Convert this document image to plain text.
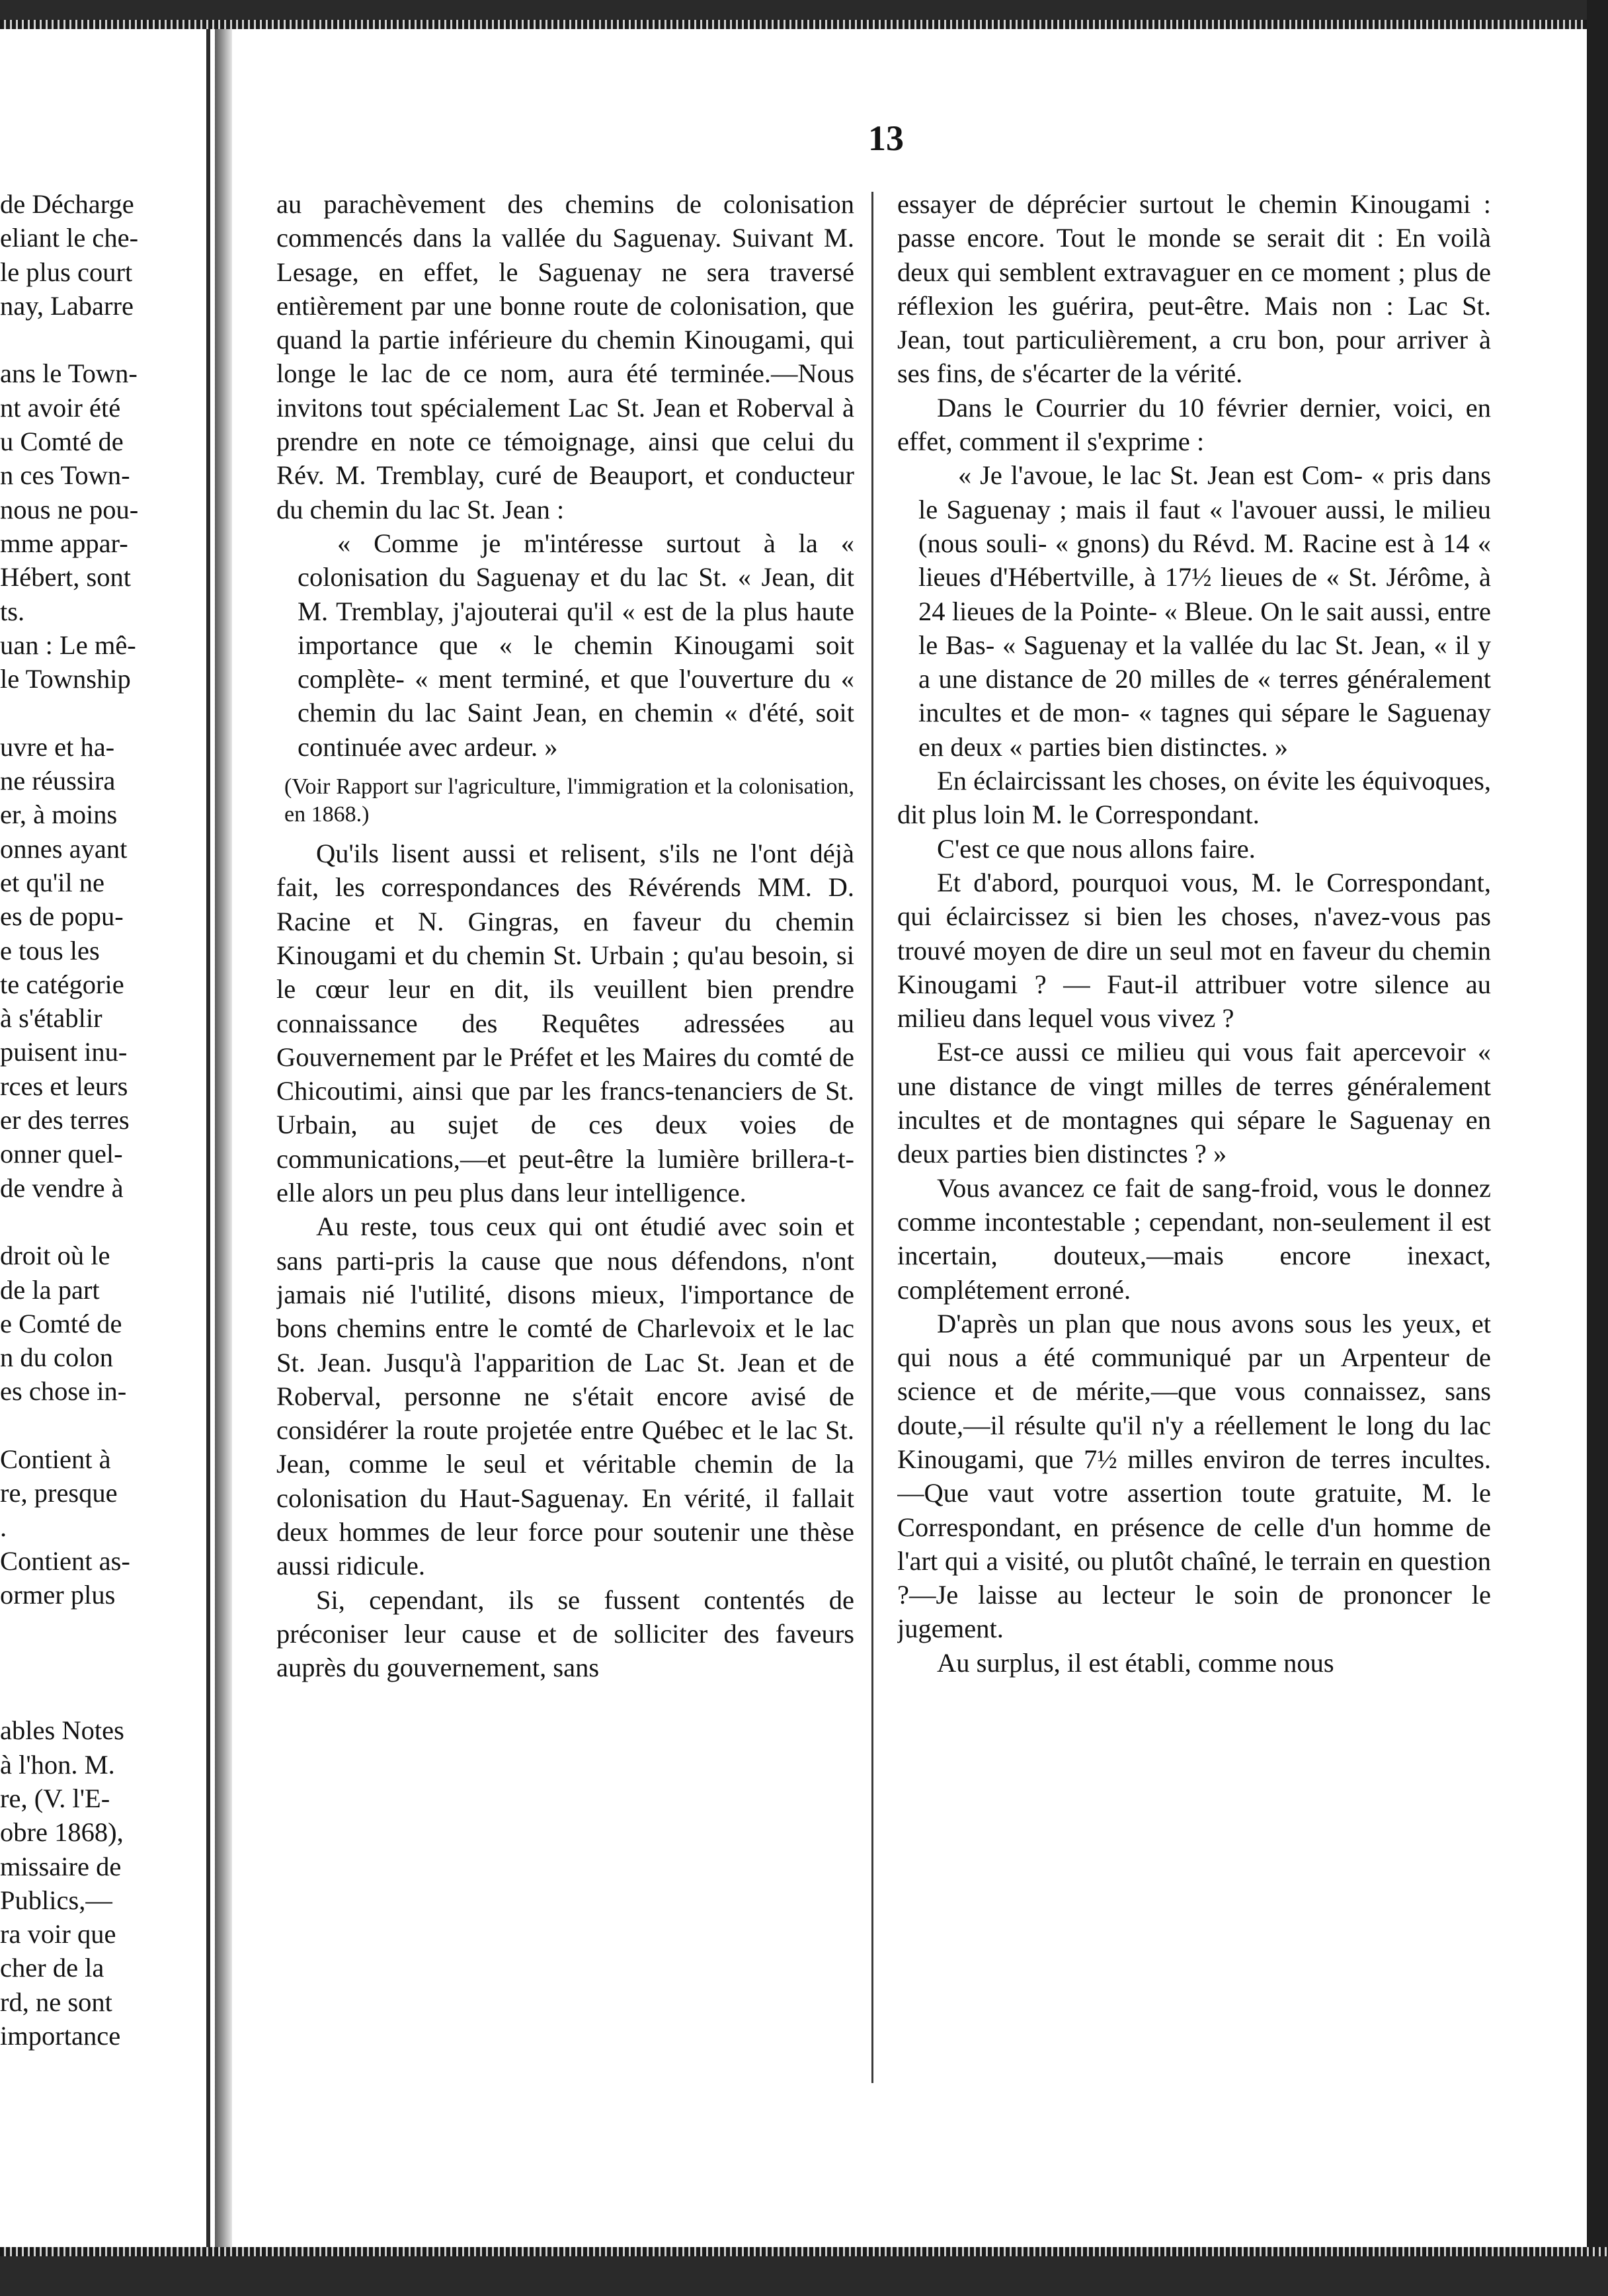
13

de Décharge

eliant le che-

le plus court

nay, Labarre

ans le Town-

nt avoir été

u Comté de

n ces Town-

nous ne pou-

mme appar-

Hébert, sont

ts.

uan : Le mê-

le Township

uvre et ha-

ne réussira

er, à moins

onnes ayant

et qu'il ne

es de popu-

e tous les

te catégorie

à s'établir

puisent inu-

rces et leurs

er des terres

onner quel-

de vendre à

droit où le

de la part

e Comté de

n du colon

es chose in-

Contient à

re, presque

.

Contient as-

ormer plus

ables Notes

à l'hon. M.

re, (V. l'E-

obre 1868),

missaire de

Publics,—

ra voir que

cher de la

rd, ne sont

importance

au parachèvement des chemins de colonisation commencés dans la vallée du Saguenay. Suivant M. Lesage, en effet, le Saguenay ne sera traversé entièrement par une bonne route de colonisation, que quand la partie inférieure du chemin Kinougami, qui longe le lac de ce nom, aura été terminée.—Nous invitons tout spécialement Lac St. Jean et Roberval à prendre en note ce témoignage, ainsi que celui du Rév. M. Tremblay, curé de Beauport, et conducteur du chemin du lac St. Jean :

« Comme je m'intéresse surtout à la « colonisation du Saguenay et du lac St. « Jean, dit M. Tremblay, j'ajouterai qu'il « est de la plus haute importance que « le chemin Kinougami soit complète- « ment terminé, et que l'ouverture du « chemin du lac Saint Jean, en chemin « d'été, soit continuée avec ardeur. »

(Voir Rapport sur l'agriculture, l'immigration et la colonisation, en 1868.)

Qu'ils lisent aussi et relisent, s'ils ne l'ont déjà fait, les correspondances des Révérends MM. D. Racine et N. Gingras, en faveur du chemin Kinougami et du chemin St. Urbain ; qu'au besoin, si le cœur leur en dit, ils veuillent bien prendre connaissance des Requêtes adressées au Gouvernement par le Préfet et les Maires du comté de Chicoutimi, ainsi que par les francs-tenanciers de St. Urbain, au sujet de ces deux voies de communications,—et peut-être la lumière brillera-t-elle alors un peu plus dans leur intelligence.

Au reste, tous ceux qui ont étudié avec soin et sans parti-pris la cause que nous défendons, n'ont jamais nié l'utilité, disons mieux, l'importance de bons chemins entre le comté de Charlevoix et le lac St. Jean. Jusqu'à l'apparition de Lac St. Jean et de Roberval, personne ne s'était encore avisé de considérer la route projetée entre Québec et le lac St. Jean, comme le seul et véritable chemin de la colonisation du Haut-Saguenay. En vérité, il fallait deux hommes de leur force pour soutenir une thèse aussi ridicule.

Si, cependant, ils se fussent contentés de préconiser leur cause et de solliciter des faveurs auprès du gouvernement, sans

essayer de déprécier surtout le chemin Kinougami : passe encore. Tout le monde se serait dit : En voilà deux qui semblent extravaguer en ce moment ; plus de réflexion les guérira, peut-être. Mais non : Lac St. Jean, tout particulièrement, a cru bon, pour arriver à ses fins, de s'écarter de la vérité.

Dans le Courrier du 10 février dernier, voici, en effet, comment il s'exprime :

« Je l'avoue, le lac St. Jean est Com- « pris dans le Saguenay ; mais il faut « l'avouer aussi, le milieu (nous souli- « gnons) du Révd. M. Racine est à 14 « lieues d'Hébertville, à 17½ lieues de « St. Jérôme, à 24 lieues de la Pointe- « Bleue. On le sait aussi, entre le Bas- « Saguenay et la vallée du lac St. Jean, « il y a une distance de 20 milles de « terres généralement incultes et de mon- « tagnes qui sépare le Saguenay en deux « parties bien distinctes. »

En éclaircissant les choses, on évite les équivoques, dit plus loin M. le Correspondant.

C'est ce que nous allons faire.

Et d'abord, pourquoi vous, M. le Correspondant, qui éclaircissez si bien les choses, n'avez-vous pas trouvé moyen de dire un seul mot en faveur du chemin Kinougami ? — Faut-il attribuer votre silence au milieu dans lequel vous vivez ?

Est-ce aussi ce milieu qui vous fait apercevoir « une distance de vingt milles de terres généralement incultes et de montagnes qui sépare le Saguenay en deux parties bien distinctes ? »

Vous avancez ce fait de sang-froid, vous le donnez comme incontestable ; cependant, non-seulement il est incertain, douteux,—mais encore inexact, complétement erroné.

D'après un plan que nous avons sous les yeux, et qui nous a été communiqué par un Arpenteur de science et de mérite,—que vous connaissez, sans doute,—il résulte qu'il n'y a réellement le long du lac Kinougami, que 7½ milles environ de terres incultes.—Que vaut votre assertion toute gratuite, M. le Correspondant, en présence de celle d'un homme de l'art qui a visité, ou plutôt chaîné, le terrain en question ?—Je laisse au lecteur le soin de prononcer le jugement.

Au surplus, il est établi, comme nous
